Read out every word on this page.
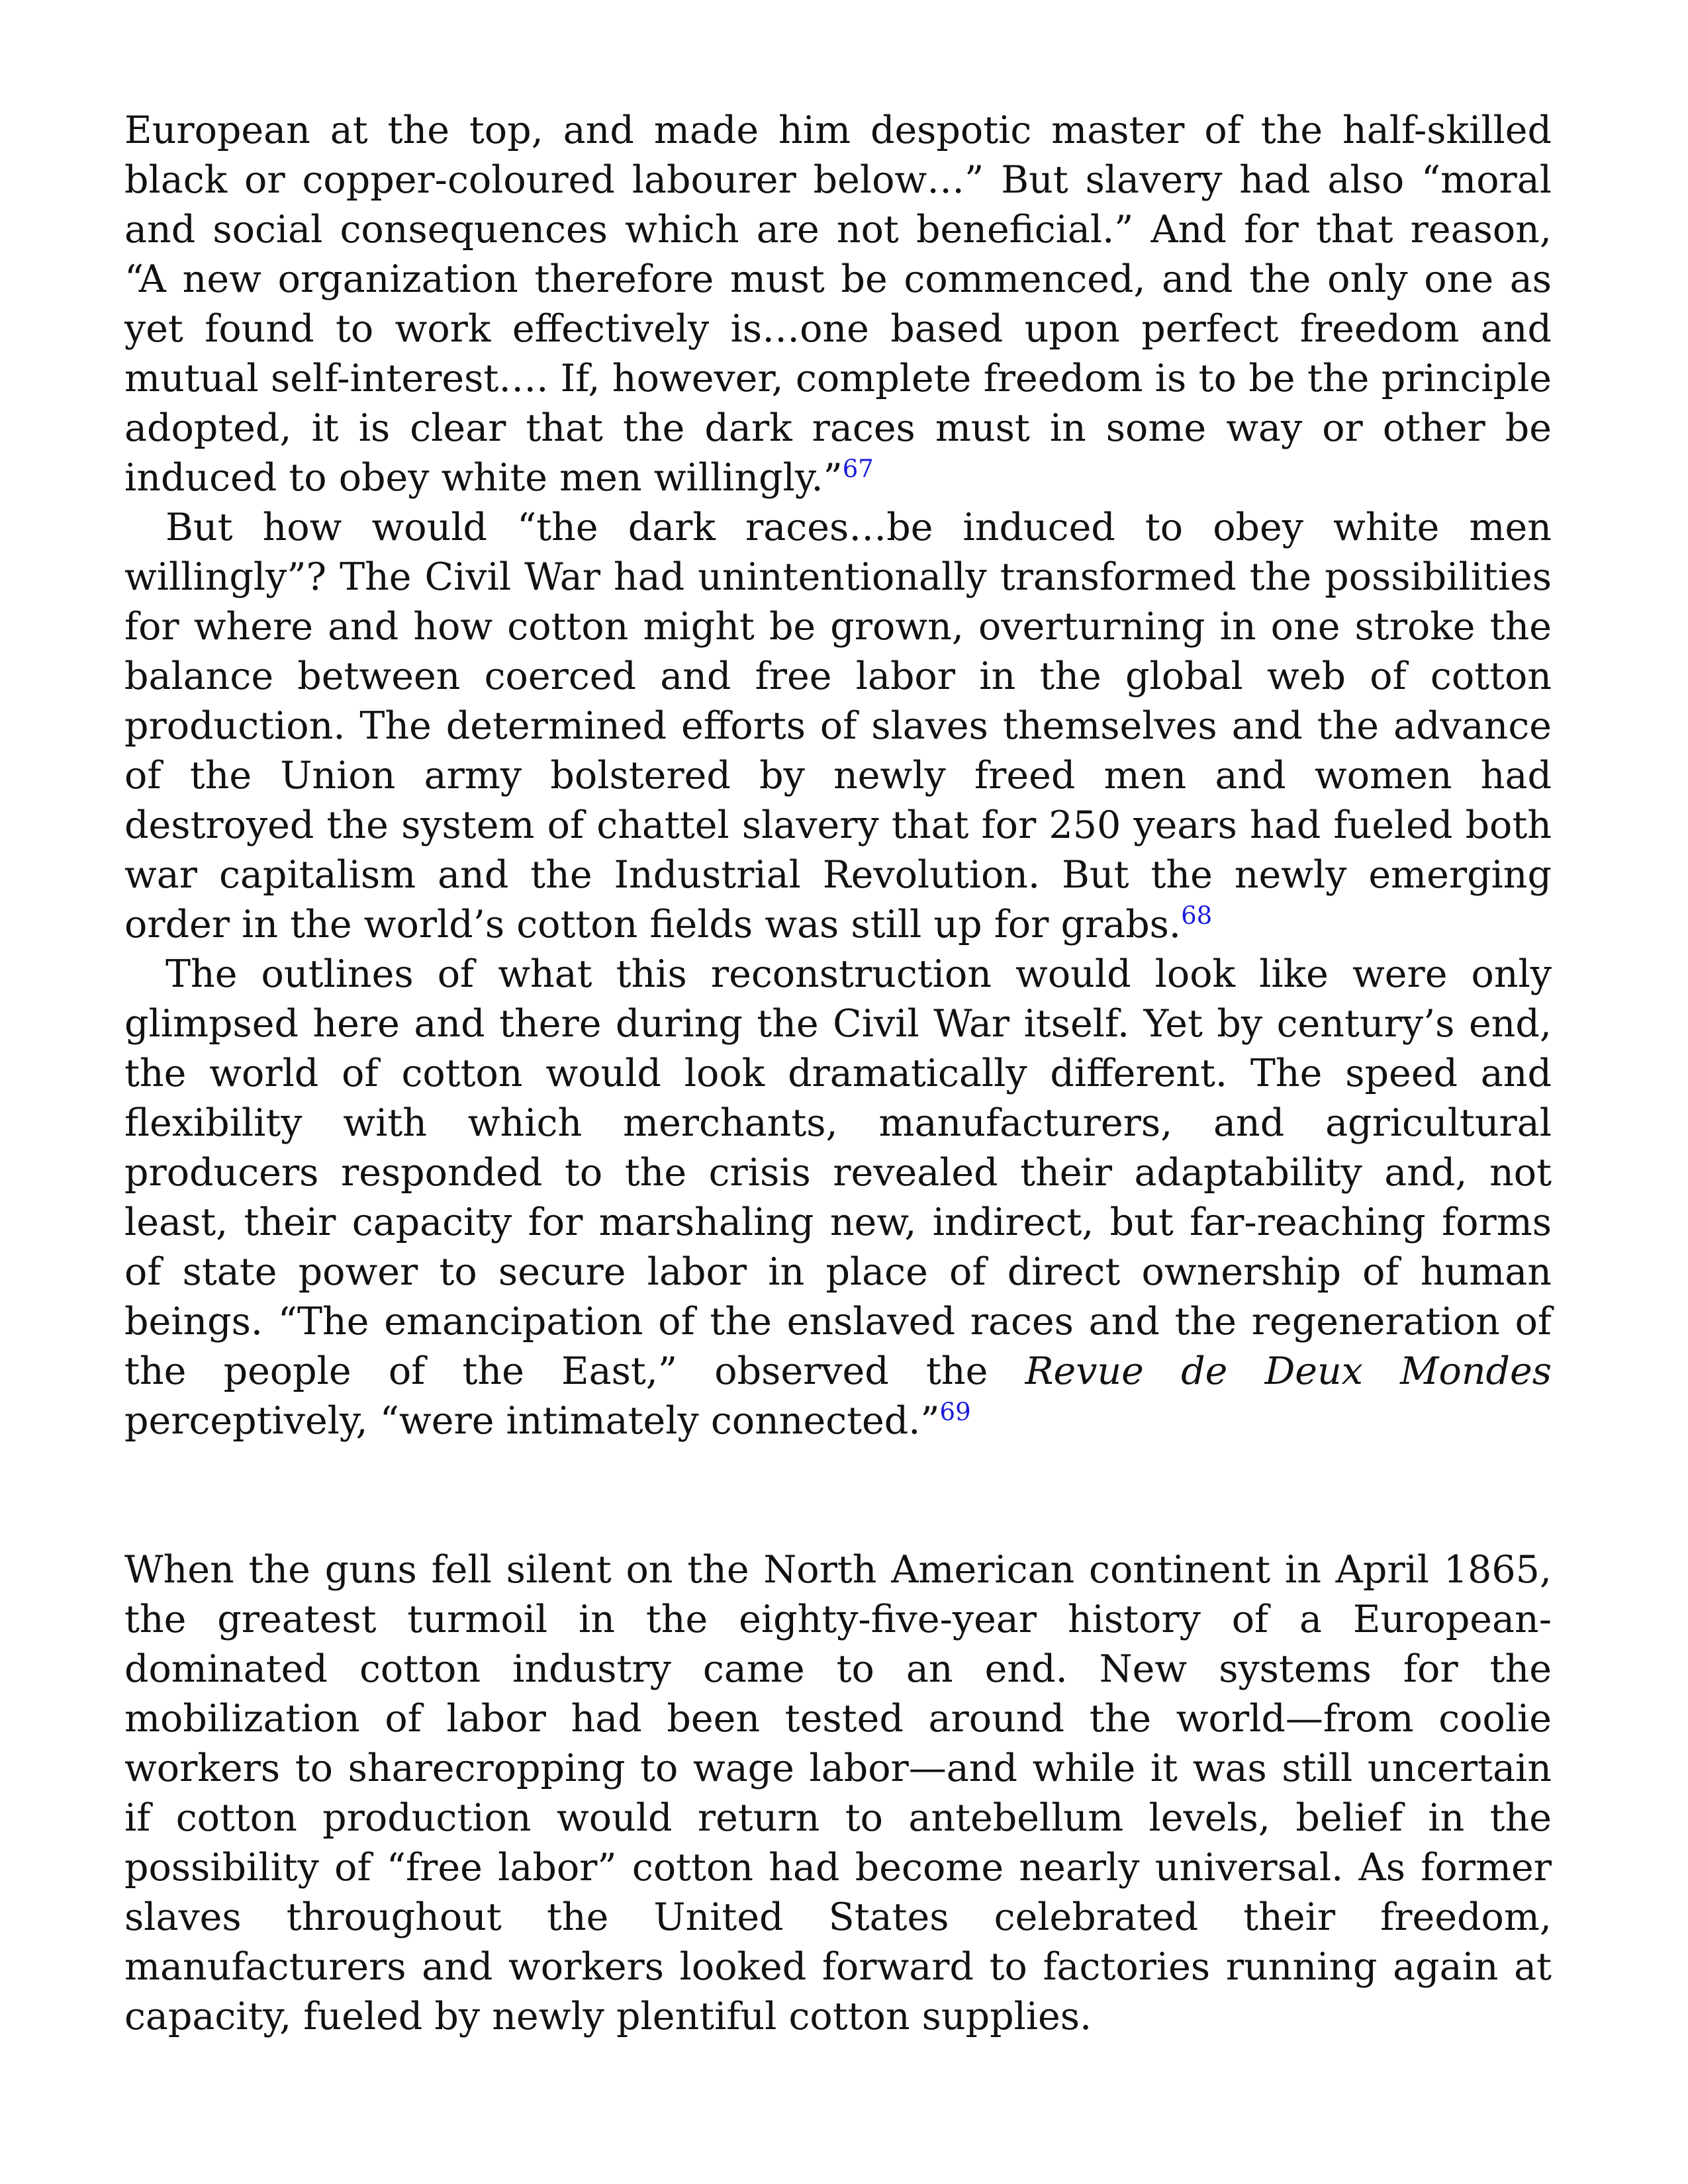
European at the top, and made him despotic master of the half-skilled black or copper-coloured labourer below…” But slavery had also “moral and social consequences which are not beneficial.” And for that reason, “A new organization therefore must be commenced, and the only one as yet found to work effectively is…one based upon perfect freedom and mutual self-interest…. If, however, complete freedom is to be the principle adopted, it is clear that the dark races must in some way or other be induced to obey white men willingly.”$^{67}$

But how would “the dark races…be induced to obey white men willingly”? The Civil War had unintentionally transformed the possibilities for where and how cotton might be grown, overturning in one stroke the balance between coerced and free labor in the global web of cotton production. The determined efforts of slaves themselves and the advance of the Union army bolstered by newly freed men and women had destroyed the system of chattel slavery that for 250 years had fueled both war capitalism and the Industrial Revolution. But the newly emerging order in the world’s cotton fields was still up for grabs.$^{68}$

The outlines of what this reconstruction would look like were only glimpsed here and there during the Civil War itself. Yet by century’s end, the world of cotton would look dramatically different. The speed and flexibility with which merchants, manufacturers, and agricultural producers responded to the crisis revealed their adaptability and, not least, their capacity for marshaling new, indirect, but far-reaching forms of state power to secure labor in place of direct ownership of human beings. “The emancipation of the enslaved races and the regeneration of the people of the East,” observed the Revue de Deux Mondes perceptively, “were intimately connected.”$^{69}$

When the guns fell silent on the North American continent in April 1865, the greatest turmoil in the eighty-five-year history of a European-dominated cotton industry came to an end. New systems for the mobilization of labor had been tested around the world—from coolie workers to sharecropping to wage labor—and while it was still uncertain if cotton production would return to antebellum levels, belief in the possibility of “free labor” cotton had become nearly universal. As former slaves throughout the United States celebrated their freedom, manufacturers and workers looked forward to factories running again at capacity, fueled by newly plentiful cotton supplies.
